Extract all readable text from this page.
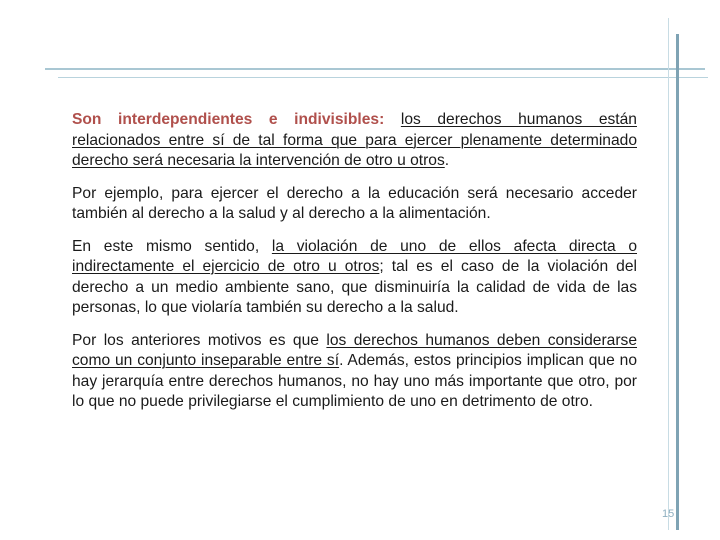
Son interdependientes e indivisibles: los derechos humanos están relacionados entre sí de tal forma que para ejercer plenamente determinado derecho será necesaria la intervención de otro u otros.

Por ejemplo, para ejercer el derecho a la educación será necesario acceder también al derecho a la salud y al derecho a la alimentación.

En este mismo sentido, la violación de uno de ellos afecta directa o indirectamente el ejercicio de otro u otros; tal es el caso de la violación del derecho a un medio ambiente sano, que disminuiría la calidad de vida de las personas, lo que violaría también su derecho a la salud.

Por los anteriores motivos es que los derechos humanos deben considerarse como un conjunto inseparable entre sí. Además, estos principios implican que no hay jerarquía entre derechos humanos, no hay uno más importante que otro, por lo que no puede privilegiarse el cumplimiento de uno en detrimento de otro.

15
